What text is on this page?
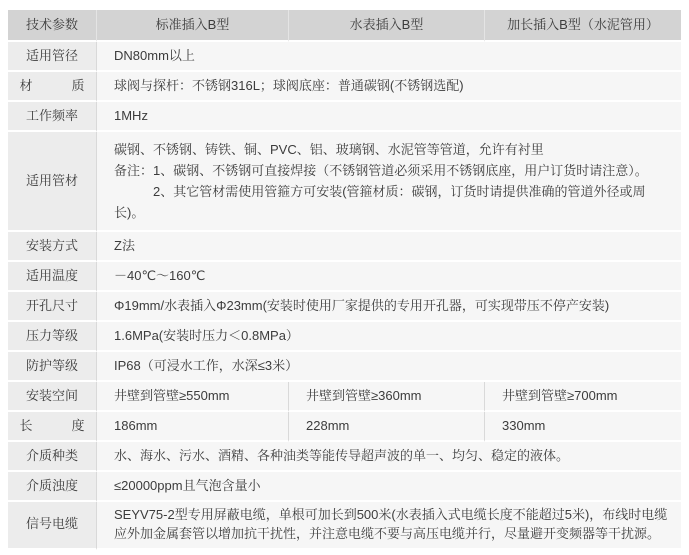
技术参数	标准插入B型	水表插入B型	加长插入B型（水泥管用）
适用管径	DN80mm以上		
材　　　质	球阀与探杆：不锈钢316L；球阀底座：普通碳钢(不锈钢选配)		
工作频率	1MHz		
适用管材	碳钢、不锈钢、铸铁、铜、PVC、铝、玻璃钢、水泥管等管道，允许有衬里
备注：1、碳钢、不锈钢可直接焊接（不锈钢管道必须采用不锈钢底座，用户订货时请注意）。
　　　2、其它管材需使用管箍方可安装(管箍材质：碳钢，订货时请提供准确的管道外径或周长)。		

安装方式	Z法		
适用温度	－40℃～160℃		
开孔尺寸	Φ19mm/水表插入Φ23mm(安装时使用厂家提供的专用开孔器，可实现带压不停产安装)		
压力等级	1.6MPa(安装时压力＜0.8MPa）		
防护等级	IP68（可浸水工作，水深≤3米）		
安装空间	井壁到管壁≥550mm	井壁到管壁≥360mm	井壁到管壁≥700mm
长　　　度	186mm	228mm	330mm
介质种类	水、海水、污水、酒精、各种油类等能传导超声波的单一、均匀、稳定的液体。		
介质浊度	≤20000ppm且气泡含量小		
信号电缆	SEYV75-2型专用屏蔽电缆，单根可加长到500米(水表插入式电缆长度不能超过5米)，布线时电缆应外加金属套管以增加抗干扰性，并注意电缆不要与高压电缆并行，尽量避开变频器等干扰源。		
